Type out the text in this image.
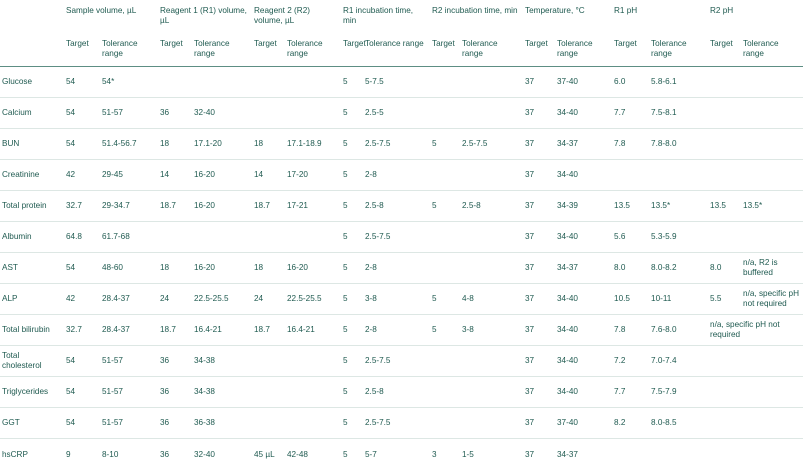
	Sample volume, µL		Reagent 1 (R1) volume, µL		Reagent 2 (R2) volume, µL		R1 incubation time, min		R2 incubation time, min		Temperature, °C		R1 pH		R2 pH	
	Target	Tolerance range	Target	Tolerance range	Target	Tolerance range	Target	Tolerance range	Target	Tolerance range	Target	Tolerance range	Target	Tolerance range	Target	Tolerance range
Glucose	54	54*					5	5-7.5			37	37-40	6.0	5.8-6.1		
Calcium	54	51-57	36	32-40			5	2.5-5			37	34-40	7.7	7.5-8.1		
BUN	54	51.4-56.7	18	17.1-20	18	17.1-18.9	5	2.5-7.5	5	2.5-7.5	37	34-37	7.8	7.8-8.0		
Creatinine	42	29-45	14	16-20	14	17-20	5	2-8			37	34-40				
Total protein	32.7	29-34.7	18.7	16-20	18.7	17-21	5	2.5-8	5	2.5-8	37	34-39	13.5	13.5*	13.5	13.5*
Albumin	64.8	61.7-68					5	2.5-7.5			37	34-40	5.6	5.3-5.9		
AST	54	48-60	18	16-20	18	16-20	5	2-8			37	34-37	8.0	8.0-8.2	8.0	n/a, R2 is buffered
ALP	42	28.4-37	24	22.5-25.5	24	22.5-25.5	5	3-8	5	4-8	37	34-40	10.5	10-11	5.5	n/a, specific pH not required
Total bilirubin	32.7	28.4-37	18.7	16.4-21	18.7	16.4-21	5	2-8	5	3-8	37	34-40	7.8	7.6-8.0	n/a, specific pH not required	
Total cholesterol	54	51-57	36	34-38			5	2.5-7.5			37	34-40	7.2	7.0-7.4		
Triglycerides	54	51-57	36	34-38			5	2.5-8			37	34-40	7.7	7.5-7.9		
GGT	54	51-57	36	36-38			5	2.5-7.5			37	37-40	8.2	8.0-8.5		
hsCRP	9	8-10	36	32-40	45 µL	42-48	5	5-7	3	1-5	37	34-37				
